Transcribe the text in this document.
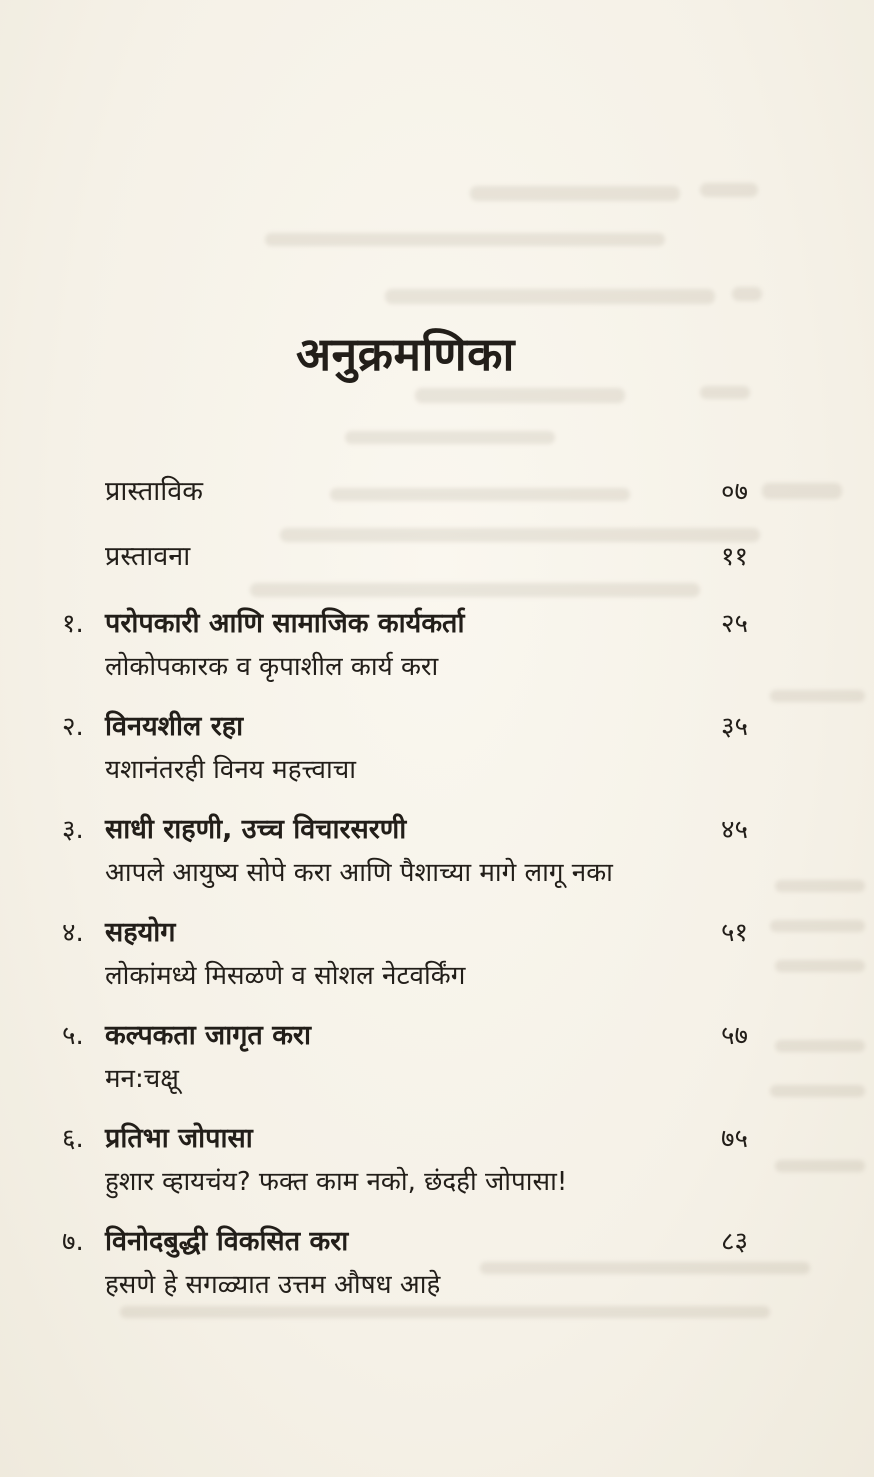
अनुक्रमणिका
प्रास्ताविक	०७
प्रस्तावना	११
१. परोपकारी आणि सामाजिक कार्यकर्ता	२५
लोकोपकारक व कृपाशील कार्य करा
२. विनयशील रहा	३५
यशानंतरही विनय महत्त्वाचा
३. साधी राहणी, उच्च विचारसरणी	४५
आपले आयुष्य सोपे करा आणि पैशाच्या मागे लागू नका
४. सहयोग	५१
लोकांमध्ये मिसळणे व सोशल नेटवर्किंग
५. कल्पकता जागृत करा	५७
मन:चक्षू
६. प्रतिभा जोपासा	७५
हुशार व्हायचंय? फक्त काम नको, छंदही जोपासा!
७. विनोदबुद्धी विकसित करा	८३
हसणे हे सगळ्यात उत्तम औषध आहे
